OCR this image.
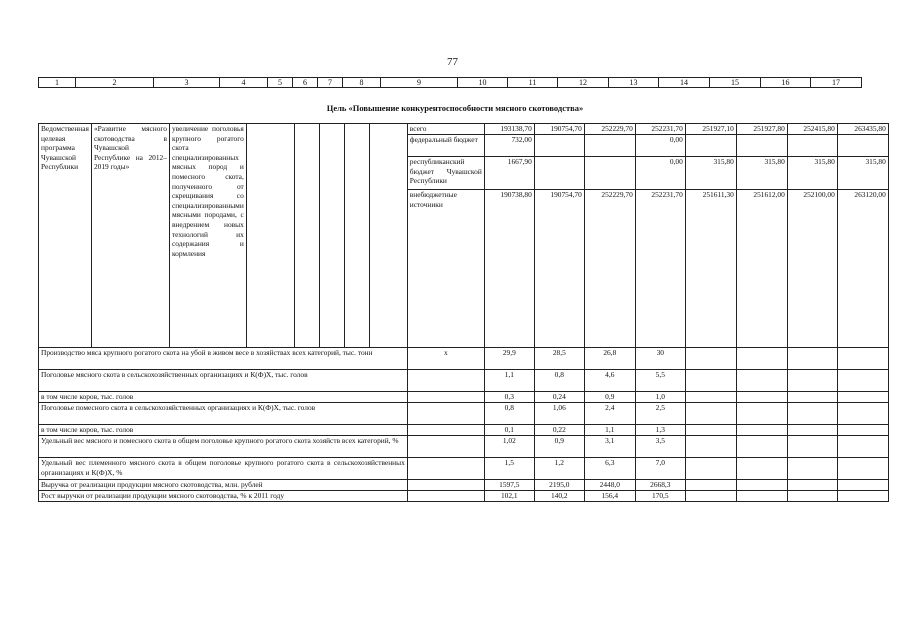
77
1	2	3	4	5	6	7	8	9	10	11	12	13	14	15	16	17
Цель «Повышение конкурентоспособности мясного скотоводства»
Ведомственная целевая программа Чувашской Республики	«Развитие мясного скотоводства в Чувашской Республике на 2012–2019 годы»	увеличение поголовья крупного рогатого скота специализированных мясных пород и помесного скота, полученного от скрещивания со специализированными мясными породами, с внедрением новых технологий их содержания и кормления						всего	193138,70	190754,70	252229,70	252231,70	251927,10	251927,80	252415,80	263435,80
								федеральный бюджет	732,00			0,00				
								республиканский бюджет Чувашской Республики	1667,90			0,00	315,80	315,80	315,80	315,80
								внебюджетные источники	190738,80	190754,70	252229,70	252231,70	251611,30	251612,00	252100,00	263120,00
Производство мяса крупного рогатого скота на убой в живом весе в хозяйствах всех категорий, тыс. тонн								х	29,9	28,5	26,8	30				
Поголовье мясного скота в сельскохозяйственных организациях и К(Ф)Х, тыс. голов									1,1	0,8	4,6	5,5				
в том числе коров, тыс. голов									0,3	0,24	0,9	1,0				
Поголовье помесного скота в сельскохозяйственных организациях и К(Ф)Х, тыс. голов									0,8	1,06	2,4	2,5				
в том числе коров, тыс. голов									0,1	0,22	1,1	1,3				
Удельный вес мясного и помесного скота в общем поголовье крупного рогатого скота хозяйств всех категорий, %									1,02	0,9	3,1	3,5				
Удельный вес племенного мясного скота в общем поголовье крупного рогатого скота в сельскохозяйственных организациях и К(Ф)Х, %									1,5	1,2	6,3	7,0				
Выручка от реализации продукции мясного скотоводства, млн. рублей									1597,5	2195,0	2448,0	2668,3				
Рост выручки от реализации продукции мясного скотоводства, % к 2011 году									102,1	140,2	156,4	170,5				
